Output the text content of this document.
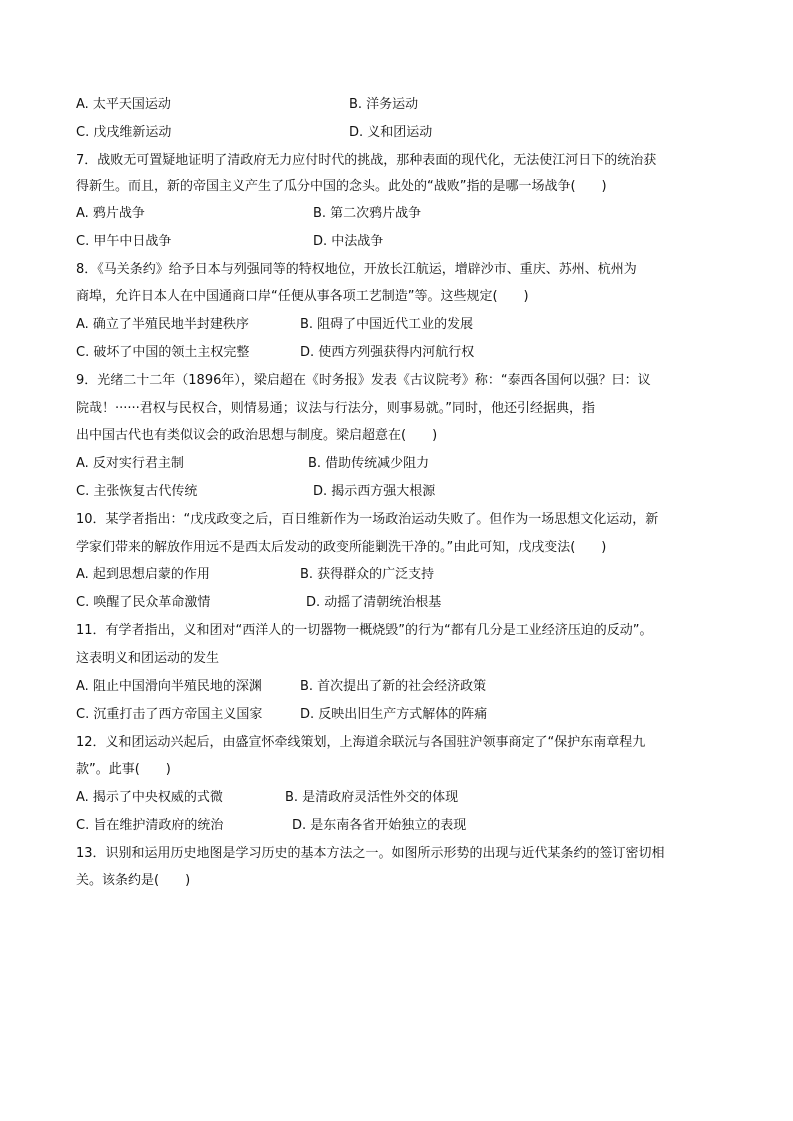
A. 太平天国运动	B. 洋务运动
C. 戊戌维新运动	D. 义和团运动
7．战败无可置疑地证明了清政府无力应付时代的挑战，那种表面的现代化，无法使江河日下的统治获
得新生。而且，新的帝国主义产生了瓜分中国的念头。此处的“战败”指的是哪一场战争(　　)
A. 鸦片战争	B. 第二次鸦片战争
C. 甲午中日战争	D. 中法战争
8．《马关条约》给予日本与列强同等的特权地位，开放长江航运，增辟沙市、重庆、苏州、杭州为
商埠，允许日本人在中国通商口岸“任便从事各项工艺制造”等。这些规定(　　)
A. 确立了半殖民地半封建秩序	B. 阻碍了中国近代工业的发展
C. 破坏了中国的领土主权完整	D. 使西方列强获得内河航行权
9．光绪二十二年（1896年），梁启超在《时务报》发表《古议院考》称：“泰西各国何以强？曰：议
院哉！······君权与民权合，则情易通；议法与行法分，则事易就。”同时，他还引经据典，指
出中国古代也有类似议会的政治思想与制度。梁启超意在(　　)
A. 反对实行君主制	B. 借助传统减少阻力
C. 主张恢复古代传统	D. 揭示西方强大根源
10．某学者指出：“戊戌政变之后，百日维新作为一场政治运动失败了。但作为一场思想文化运动，新
学家们带来的解放作用远不是西太后发动的政变所能剿洗干净的。”由此可知，戊戌变法(　　)
A. 起到思想启蒙的作用	B. 获得群众的广泛支持
C. 唤醒了民众革命激情	D. 动摇了清朝统治根基
11．有学者指出，义和团对“西洋人的一切器物一概烧毁”的行为“都有几分是工业经济压迫的反动”。
这表明义和团运动的发生
A. 阻止中国滑向半殖民地的深渊	B. 首次提出了新的社会经济政策
C. 沉重打击了西方帝国主义国家	D. 反映出旧生产方式解体的阵痛
12．义和团运动兴起后，由盛宣怀牵线策划，上海道余联沅与各国驻沪领事商定了“保护东南章程九
款”。此事(　　)
A. 揭示了中央权威的式微	B. 是清政府灵活性外交的体现
C. 旨在维护清政府的统治	D. 是东南各省开始独立的表现
13．识别和运用历史地图是学习历史的基本方法之一。如图所示形势的出现与近代某条约的签订密切相
关。该条约是(　　)
